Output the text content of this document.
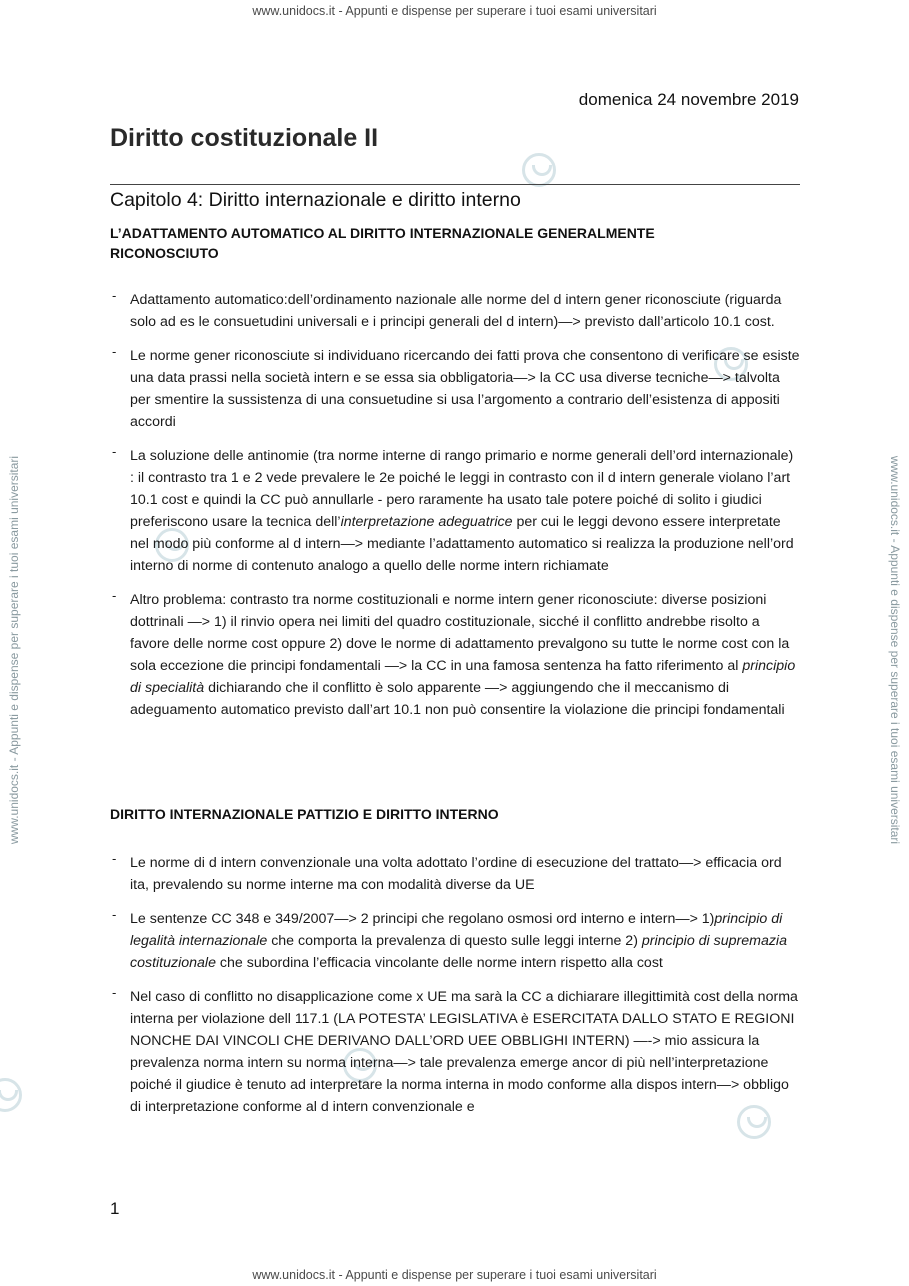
www.unidocs.it - Appunti e dispense per superare i tuoi esami universitari
www.unidocs.it - Appunti e dispense per superare i tuoi esami universitari
www.unidocs.it - Appunti e dispense per superare i tuoi esami universitari	www.unidocs.it - Appunti e dispense per superare i tuoi esami universitari
domenica 24 novembre 2019
Diritto costituzionale II
Capitolo 4: Diritto internazionale e diritto interno
L’ADATTAMENTO AUTOMATICO AL DIRITTO INTERNAZIONALE GENERALMENTE RICONOSCIUTO
- Adattamento automatico:dell’ordinamento nazionale alle norme del d intern gener riconosciute (riguarda solo ad es le consuetudini universali e i principi generali del d intern)—> previsto dall’articolo 10.1 cost.
- Le norme gener riconosciute si individuano ricercando dei fatti prova che consentono di verificare se esiste una data prassi nella società intern e se essa sia obbligatoria—> la CC usa diverse tecniche—> talvolta per smentire la sussistenza di una consuetudine si usa l’argomento a contrario dell’esistenza di appositi accordi
- La soluzione delle antinomie (tra norme interne di rango primario e norme generali dell’ord internazionale) : il contrasto tra 1 e 2 vede prevalere le 2e poiché le leggi in contrasto con il d intern generale violano l’art 10.1 cost e quindi la CC può annullarle - pero raramente ha usato tale potere poiché di solito i giudici preferiscono usare la tecnica dell’interpretazione adeguatrice per cui le leggi devono essere interpretate nel modo più conforme al d intern—> mediante l’adattamento automatico si realizza la produzione nell’ord interno di norme di contenuto analogo a quello delle norme intern richiamate
- Altro problema: contrasto tra norme costituzionali e norme intern gener riconosciute: diverse posizioni dottrinali —> 1) il rinvio opera nei limiti del quadro costituzionale, sicché il conflitto andrebbe risolto a favore delle norme cost oppure 2) dove le norme di adattamento prevalgono su tutte le norme cost con la sola eccezione die principi fondamentali —> la CC in una famosa sentenza ha fatto riferimento al principio di specialità dichiarando che il conflitto è solo apparente —> aggiungendo che il meccanismo di adeguamento automatico previsto dall’art 10.1 non può consentire la violazione die principi fondamentali
DIRITTO INTERNAZIONALE PATTIZIO E DIRITTO INTERNO
- Le norme di d intern convenzionale una volta adottato l’ordine di esecuzione del trattato—> efficacia ord ita, prevalendo su norme interne ma con modalità diverse da UE
- Le sentenze CC 348 e 349/2007—> 2 principi che regolano osmosi ord interno e intern—> 1)principio di legalità internazionale che comporta la prevalenza di questo sulle leggi interne 2) principio di supremazia costituzionale che subordina l’efficacia vincolante delle norme intern rispetto alla cost
- Nel caso di conflitto no disapplicazione come x UE ma sarà la CC a dichiarare illegittimità cost della norma interna per violazione dell 117.1 (LA POTESTA’ LEGISLATIVA è ESERCITATA DALLO STATO E REGIONI NONCHE DAI VINCOLI CHE DERIVANO DALL’ORD UEE OBBLIGHI INTERN) —-> mio assicura la prevalenza norma intern su norma interna—> tale prevalenza emerge ancor di più nell’interpretazione poiché il giudice è tenuto ad interpretare la norma interna in modo conforme alla dispos intern—> obbligo di interpretazione conforme al d intern convenzionale e
1
